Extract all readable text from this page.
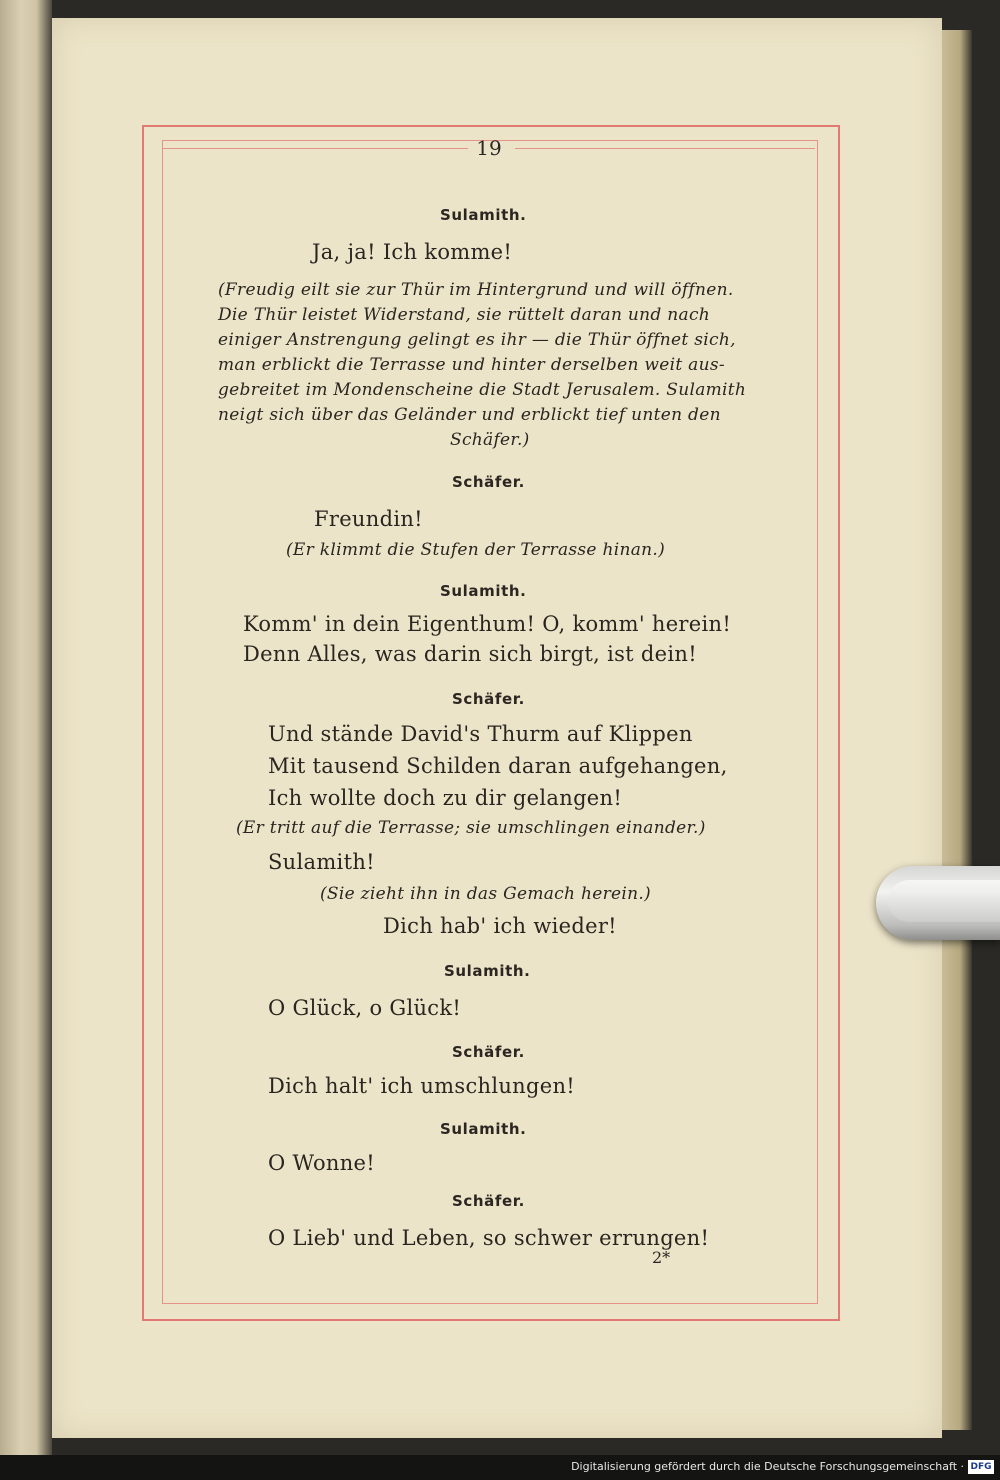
19
Sulamith.
Ja, ja! Ich komme!
(Freudig eilt sie zur Thür im Hintergrund und will öffnen.
Die Thür leistet Widerstand, sie rüttelt daran und nach
einiger Anstrengung gelingt es ihr — die Thür öffnet sich,
man erblickt die Terrasse und hinter derselben weit aus-
gebreitet im Mondenscheine die Stadt Jerusalem. Sulamith
neigt sich über das Geländer und erblickt tief unten den
Schäfer.)
Schäfer.
Freundin!
(Er klimmt die Stufen der Terrasse hinan.)
Sulamith.
Komm' in dein Eigenthum! O, komm' herein!
Denn Alles, was darin sich birgt, ist dein!
Schäfer.
Und stände David's Thurm auf Klippen
Mit tausend Schilden daran aufgehangen,
Ich wollte doch zu dir gelangen!
(Er tritt auf die Terrasse; sie umschlingen einander.)
Sulamith!
(Sie zieht ihn in das Gemach herein.)
Dich hab' ich wieder!
Sulamith.
O Glück, o Glück!
Schäfer.
Dich halt' ich umschlungen!
Sulamith.
O Wonne!
Schäfer.
O Lieb' und Leben, so schwer errungen!
2*
Digitalisierung gefördert durch die Deutsche Forschungsgemeinschaft · DFG
